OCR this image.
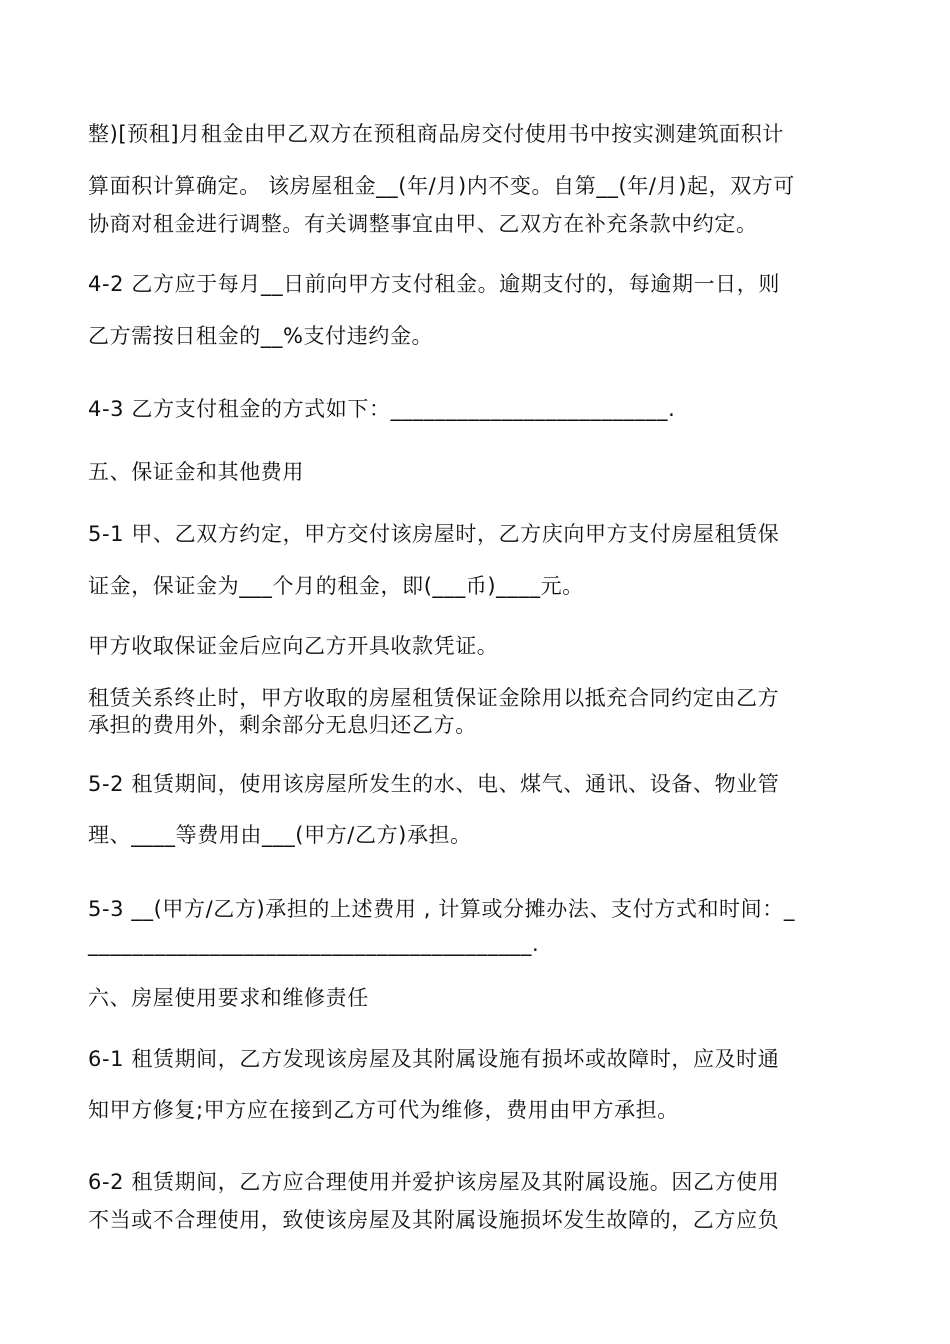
整)[预租]月租金由甲乙双方在预租商品房交付使用书中按实测建筑面积计

算面积计算确定。 该房屋租金__(年/月)内不变。自第__(年/月)起，双方可

协商对租金进行调整。有关调整事宜由甲、乙双方在补充条款中约定。

4-2 乙方应于每月__日前向甲方支付租金。逾期支付的，每逾期一日，则

乙方需按日租金的__%支付违约金。

4-3 乙方支付租金的方式如下：_________________________.

五、保证金和其他费用

5-1 甲、乙双方约定，甲方交付该房屋时，乙方庆向甲方支付房屋租赁保

证金，保证金为___个月的租金，即(___币)____元。

甲方收取保证金后应向乙方开具收款凭证。

租赁关系终止时，甲方收取的房屋租赁保证金除用以抵充合同约定由乙方

承担的费用外，剩余部分无息归还乙方。

5-2 租赁期间，使用该房屋所发生的水、电、煤气、通讯、设备、物业管

理、____等费用由___(甲方/乙方)承担。

5-3 __(甲方/乙方)承担的上述费用 , 计算或分摊办法、支付方式和时间：_

________________________________________.

六、房屋使用要求和维修责任

6-1 租赁期间，乙方发现该房屋及其附属设施有损坏或故障时，应及时通

知甲方修复;甲方应在接到乙方可代为维修，费用由甲方承担。

6-2 租赁期间，乙方应合理使用并爱护该房屋及其附属设施。因乙方使用

不当或不合理使用，致使该房屋及其附属设施损坏发生故障的，乙方应负
